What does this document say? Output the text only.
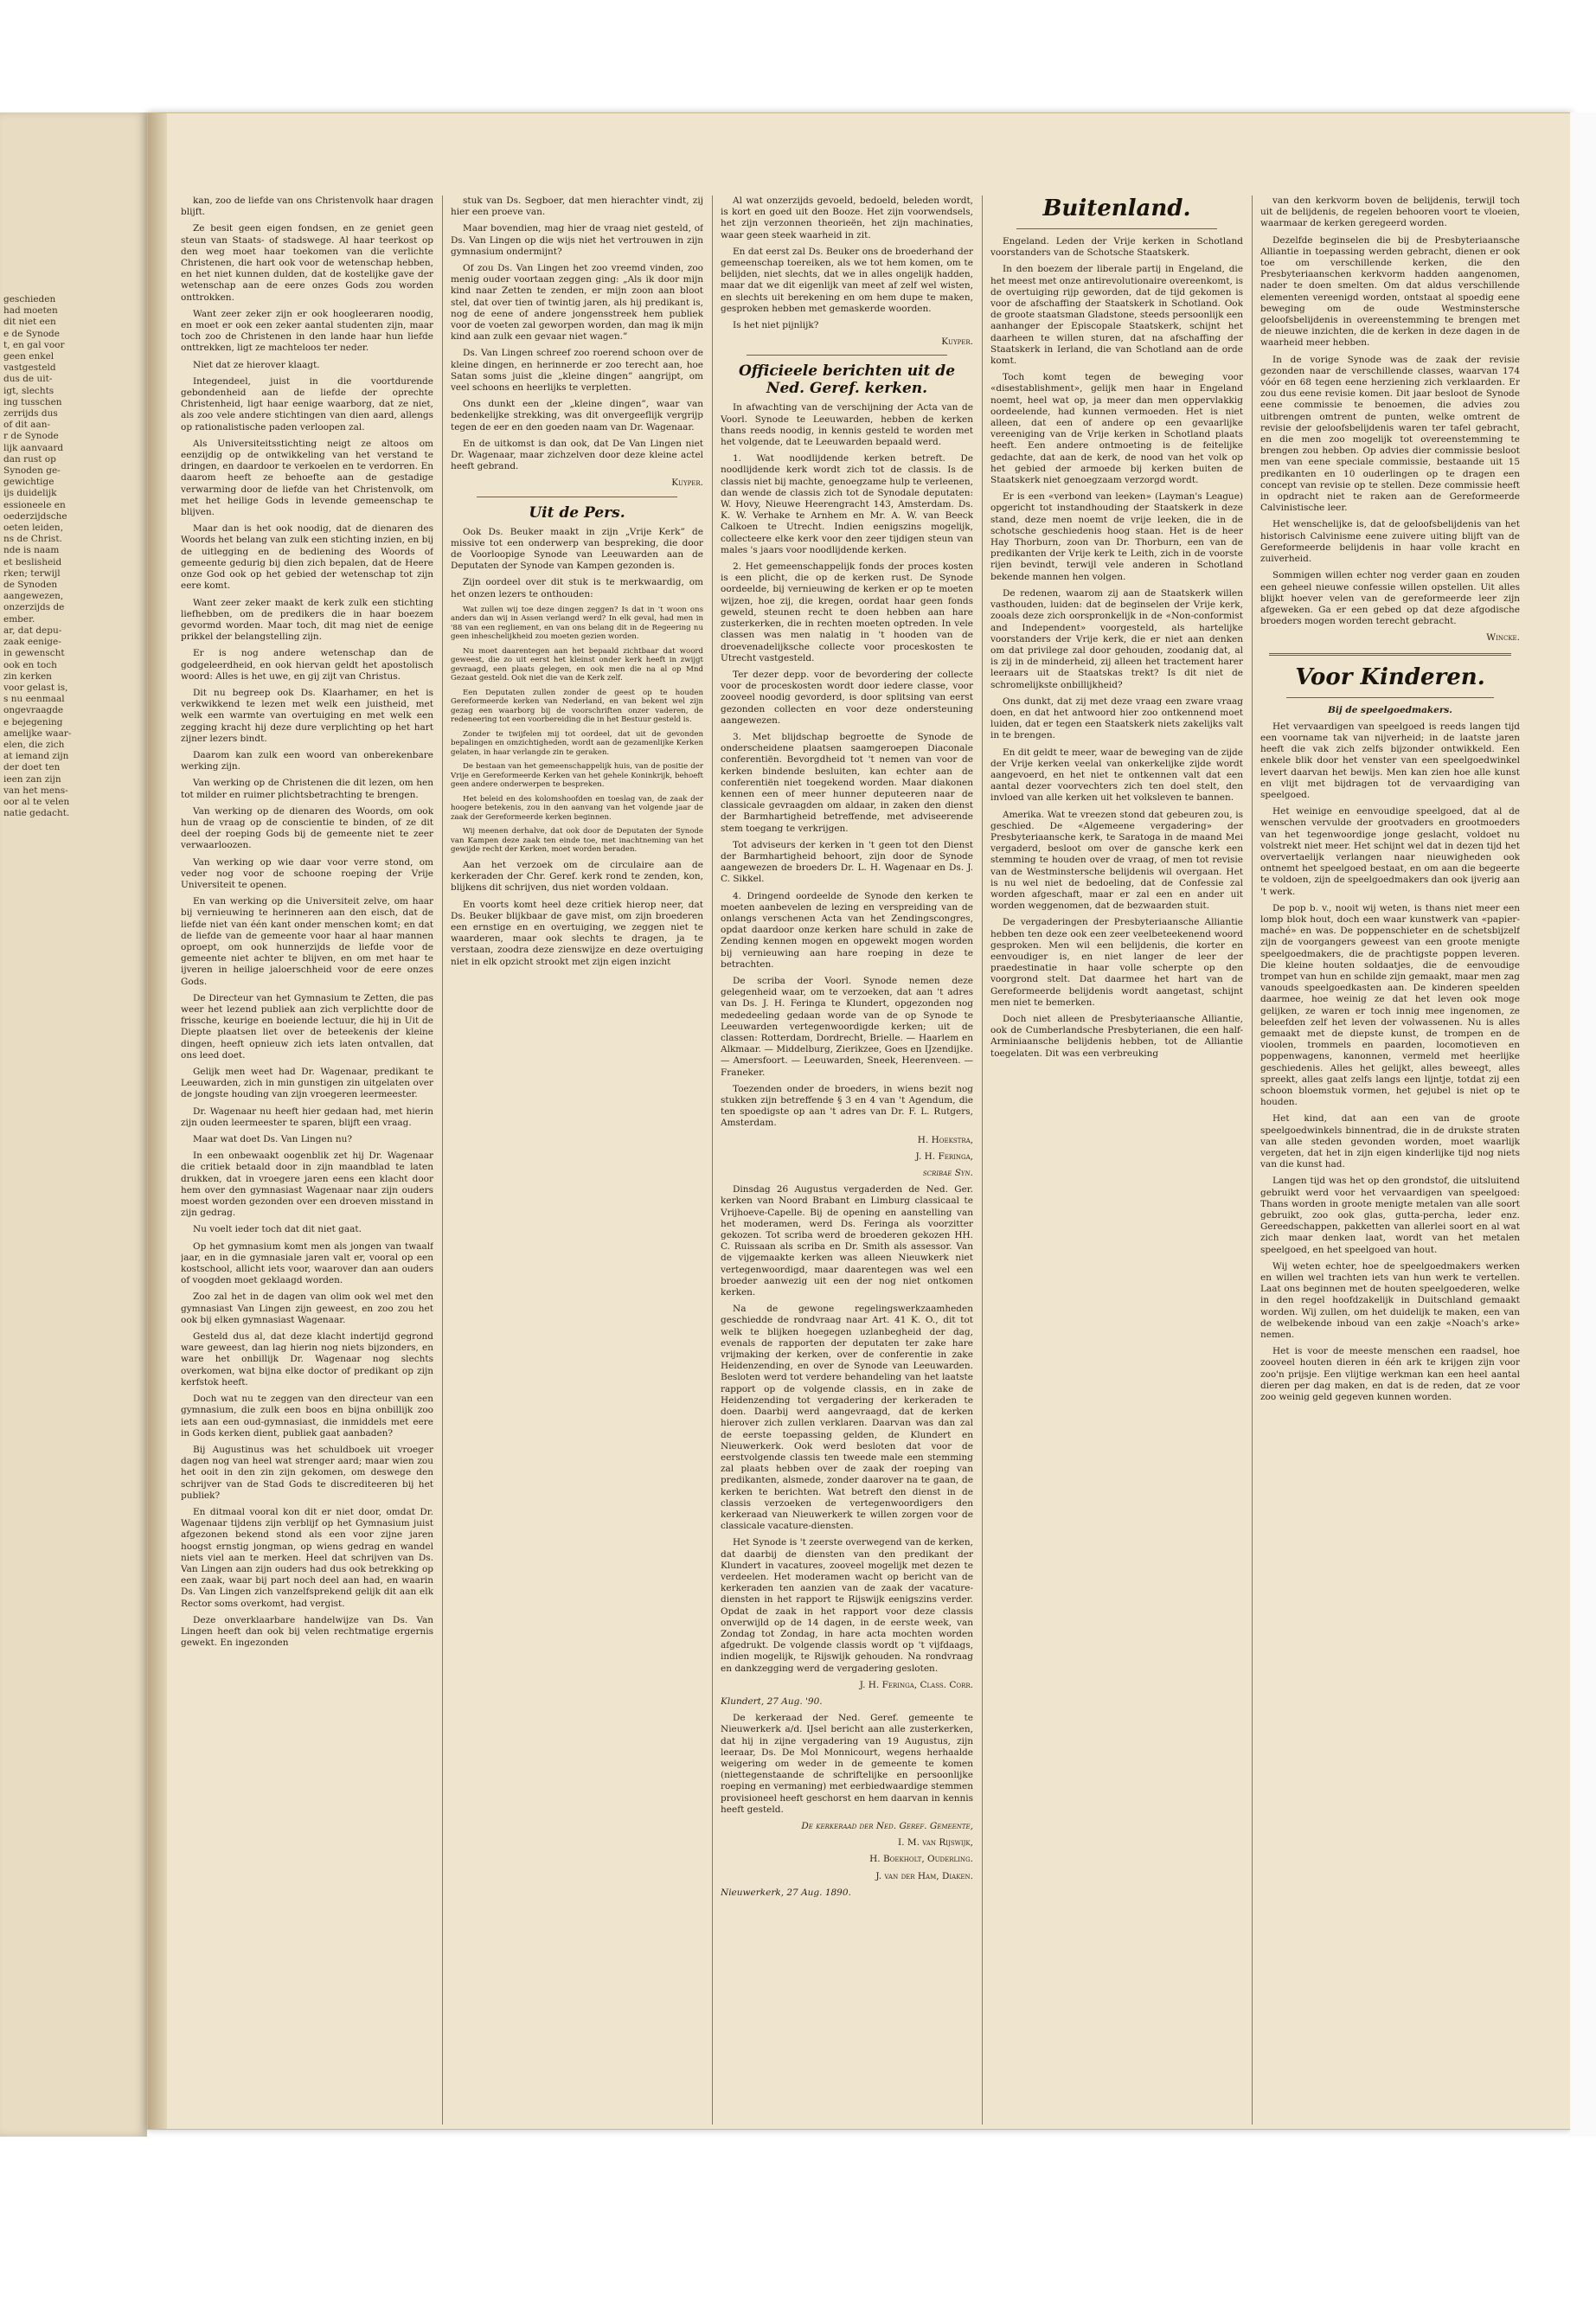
geschieden
had moeten
dit niet een
e de Synode
t, en gal voor
geen enkel
vastgesteld
dus de uit-
igt, slechts
ing tusschen
zerrijds dus
of dit aan-
r de Synode
lijk aanvaard
dan rust op
Synoden ge-
gewichtige
ijs duidelijk
essioneele en
oederzijdsche
oeten leiden,
ns de Christ.
nde is naam
et beslisheid
rken; terwijl
de Synoden
aangewezen,
onzerzijds de
ember.
ar, dat depu-
zaak eenige-
in gewenscht
ook en toch
zin kerken
voor gelast is,
s nu eenmaal
ongevraagde
e bejegening
amelijke waar-
elen, die zich
at iemand zijn
der doet ten
ieen zan zijn
van het mens-
oor al te velen
natie gedacht.

kan, zoo de liefde van ons Christenvolk haar dragen blijft.

Ze besit geen eigen fondsen, en ze geniet geen steun van Staats- of stadswege. Al haar teerkost op den weg moet haar toekomen van die verlichte Christenen, die hart ook voor de wetenschap hebben, en het niet kunnen dulden, dat de kostelijke gave der wetenschap aan de eere onzes Gods zou worden onttrokken.

Want zeer zeker zijn er ook hoogleeraren noodig, en moet er ook een zeker aantal studenten zijn, maar toch zoo de Christenen in den lande haar hun liefde onttrekken, ligt ze machteloos ter neder.

Niet dat ze hierover klaagt.

Integendeel, juist in die voortdurende gebondenheid aan de liefde der oprechte Christenheid, ligt haar eenige waarborg, dat ze niet, als zoo vele andere stichtingen van dien aard, allengs op rationalistische paden verloopen zal.

Als Universiteitsstichting neigt ze altoos om eenzijdig op de ontwikkeling van het verstand te dringen, en daardoor te verkoelen en te verdorren. En daarom heeft ze behoefte aan de gestadige verwarming door de liefde van het Christenvolk, om met het heilige Gods in levende gemeenschap te blijven.

Maar dan is het ook noodig, dat de dienaren des Woords het belang van zulk een stichting inzien, en bij de uitlegging en de bediening des Woords of gemeente gedurig bij dien zich bepalen, dat de Heere onze God ook op het gebied der wetenschap tot zijn eere komt.

Want zeer zeker maakt de kerk zulk een stichting liefhebben, om de predikers die in haar boezem gevormd worden. Maar toch, dit mag niet de eenige prikkel der belangstelling zijn.

Er is nog andere wetenschap dan de godgeleerdheid, en ook hiervan geldt het apostolisch woord: Alles is het uwe, en gij zijt van Christus.

Dit nu begreep ook Ds. Klaarhamer, en het is verkwikkend te lezen met welk een juistheid, met welk een warmte van overtuiging en met welk een zegging kracht hij deze dure verplichting op het hart zijner lezers bindt.

Daarom kan zulk een woord van onberekenbare werking zijn.

Van werking op de Christenen die dit lezen, om hen tot milder en ruimer plichtsbetrachting te brengen.

Van werking op de dienaren des Woords, om ook hun de vraag op de conscientie te binden, of ze dit deel der roeping Gods bij de gemeente niet te zeer verwaarloozen.

Van werking op wie daar voor verre stond, om veder nog voor de schoone roeping der Vrije Universiteit te openen.

En van werking op die Universiteit zelve, om haar bij vernieuwing te herinneren aan den eisch, dat de liefde niet van één kant onder menschen komt; en dat de liefde van de gemeente voor haar al haar mannen oproept, om ook hunnerzijds de liefde voor de gemeente niet achter te blijven, en om met haar te ijveren in heilige jaloerschheid voor de eere onzes Gods.

De Directeur van het Gymnasium te Zetten, die pas weer het lezend publiek aan zich verplichtte door de frissche, keurige en boeiende lectuur, die hij in Uit de Diepte plaatsen liet over de beteekenis der kleine dingen, heeft opnieuw zich iets laten ontvallen, dat ons leed doet.

Gelijk men weet had Dr. Wagenaar, predikant te Leeuwarden, zich in min gunstigen zin uitgelaten over de jongste houding van zijn vroegeren leermeester.

Dr. Wagenaar nu heeft hier gedaan had, met hierin zijn ouden leermeester te sparen, blijft een vraag.

Maar wat doet Ds. Van Lingen nu?

In een onbewaakt oogenblik zet hij Dr. Wagenaar die critiek betaald door in zijn maandblad te laten drukken, dat in vroegere jaren eens een klacht door hem over den gymnasiast Wagenaar naar zijn ouders moest worden gezonden over een droeven misstand in zijn gedrag.

Nu voelt ieder toch dat dit niet gaat.

Op het gymnasium komt men als jongen van twaalf jaar, en in die gymnasiale jaren valt er, vooral op een kostschool, allicht iets voor, waarover dan aan ouders of voogden moet geklaagd worden.

Zoo zal het in de dagen van olim ook wel met den gymnasiast Van Lingen zijn geweest, en zoo zou het ook bij elken gymnasiast Wagenaar.

Gesteld dus al, dat deze klacht indertijd gegrond ware geweest, dan lag hierin nog niets bijzonders, en ware het onbillijk Dr. Wagenaar nog slechts overkomen, wat bijna elke doctor of predikant op zijn kerfstok heeft.

Doch wat nu te zeggen van den directeur van een gymnasium, die zulk een boos en bijna onbillijk zoo iets aan een oud-gymnasiast, die inmiddels met eere in Gods kerken dient, publiek gaat aanbaden?

Bij Augustinus was het schuldboek uit vroeger dagen nog van heel wat strenger aard; maar wien zou het ooit in den zin zijn gekomen, om deswege den schrijver van de Stad Gods te discrediteeren bij het publiek?

En ditmaal vooral kon dit er niet door, omdat Dr. Wagenaar tijdens zijn verblijf op het Gymnasium juist afgezonen bekend stond als een voor zijne jaren hoogst ernstig jongman, op wiens gedrag en wandel niets viel aan te merken. Heel dat schrijven van Ds. Van Lingen aan zijn ouders had dus ook betrekking op een zaak, waar bij part noch deel aan had, en waarin Ds. Van Lingen zich vanzelfsprekend gelijk dit aan elk Rector soms overkomt, had vergist.

Deze onverklaarbare handelwijze van Ds. Van Lingen heeft dan ook bij velen rechtmatige ergernis gewekt. En ingezonden

stuk van Ds. Segboer, dat men hierachter vindt, zij hier een proeve van.

Maar bovendien, mag hier de vraag niet gesteld, of Ds. Van Lingen op die wijs niet het vertrouwen in zijn gymnasium ondermijnt?

Of zou Ds. Van Lingen het zoo vreemd vinden, zoo menig ouder voortaan zeggen ging: „Als ik door mijn kind naar Zetten te zenden, er mijn zoon aan bloot stel, dat over tien of twintig jaren, als hij predikant is, nog de eene of andere jongensstreek hem publiek voor de voeten zal geworpen worden, dan mag ik mijn kind aan zulk een gevaar niet wagen.”

Ds. Van Lingen schreef zoo roerend schoon over de kleine dingen, en herinnerde er zoo terecht aan, hoe Satan soms juist die „kleine dingen” aangrijpt, om veel schoons en heerlijks te verpletten.

Ons dunkt een der „kleine dingen”, waar van bedenkelijke strekking, was dit onvergeeflijk vergrijp tegen de eer en den goeden naam van Dr. Wagenaar.

En de uitkomst is dan ook, dat De Van Lingen niet Dr. Wagenaar, maar zichzelven door deze kleine actel heeft gebrand.

Kuyper.

Uit de Pers.

Ook Ds. Beuker maakt in zijn „Vrije Kerk” de missive tot een onderwerp van bespreking, die door de Voorloopige Synode van Leeuwarden aan de Deputaten der Synode van Kampen gezonden is.

Zijn oordeel over dit stuk is te merkwaardig, om het onzen lezers te onthouden:

Wat zullen wij toe deze dingen zeggen? Is dat in 't woon ons anders dan wij in Assen verlangd werd? In elk geval, had men in '88 van een regliement, en van ons belang dit in de Regeering nu geen inheschelijkheid zou moeten gezien worden.

Nu moet daarentegen aan het bepaald zichtbaar dat woord geweest, die zo uit eerst het kleinst onder kerk heeft in zwijgt gevraagd, een plaats gelegen, en ook men die na al op Mnd Gezaat gesteld. Ook niet die van de Kerk zelf.

Een Deputaten zullen zonder de geest op te houden Gereformeerde kerken van Nederland, en van bekent wel zijn gezag een waarborg bij de voorschriften onzer vaderen, de redeneering tot een voorbereiding die in het Bestuur gesteld is.

Zonder te twijfelen mij tot oordeel, dat uit de gevonden bepalingen en omzichtigheden, wordt aan de gezamenlijke Kerken gelaten, in haar verlangde zin te geraken.

De bestaan van het gemeenschappelijk huis, van de positie der Vrije en Gereformeerde Kerken van het gehele Koninkrijk, behoeft geen andere onderwerpen te bespreken.

Het beleid en des kolomshoofden en toeslag van, de zaak der hoogere betekenis, zou in den aanvang van het volgende jaar de zaak der Gereformeerde kerken beginnen.

Wij meenen derhalve, dat ook door de Deputaten der Synode van Kampen deze zaak ten einde toe, met inachtneming van het gewijde recht der Kerken, moet worden beraden.

Aan het verzoek om de circulaire aan de kerkeraden der Chr. Geref. kerk rond te zenden, kon, blijkens dit schrijven, dus niet worden voldaan.

En voorts komt heel deze critiek hierop neer, dat Ds. Beuker blijkbaar de gave mist, om zijn broederen een ernstige en en overtuiging, we zeggen niet te waarderen, maar ook slechts te dragen, ja te verstaan, zoodra deze zienswijze en deze overtuiging niet in elk opzicht strookt met zijn eigen inzicht

Al wat onzerzijds gevoeld, bedoeld, beleden wordt, is kort en goed uit den Booze. Het zijn voorwendsels, het zijn verzonnen theorieën, het zijn machinaties, waar geen steek waarheid in zit.

En dat eerst zal Ds. Beuker ons de broederhand der gemeenschap toereiken, als we tot hem komen, om te belijden, niet slechts, dat we in alles ongelijk hadden, maar dat we dit eigenlijk van meet af zelf wel wisten, en slechts uit berekening en om hem dupe te maken, gesproken hebben met gemaskerde woorden.

Is het niet pijnlijk?

Kuyper.

Officieele berichten uit de Ned. Geref. kerken.

In afwachting van de verschijning der Acta van de Voorl. Synode te Leeuwarden, hebben de kerken thans reeds noodig, in kennis gesteld te worden met het volgende, dat te Leeuwarden bepaald werd.

1. Wat noodlijdende kerken betreft. De noodlijdende kerk wordt zich tot de classis. Is de classis niet bij machte, genoegzame hulp te verleenen, dan wende de classis zich tot de Synodale deputaten: W. Hovy, Nieuwe Heerengracht 143, Amsterdam. Ds. K. W. Verhake te Arnhem en Mr. A. W. van Beeck Calkoen te Utrecht. Indien eenigszins mogelijk, collecteere elke kerk voor den zeer tijdigen steun van males 's jaars voor noodlijdende kerken.

2. Het gemeenschappelijk fonds der proces kosten is een plicht, die op de kerken rust. De Synode oordeelde, bij vernieuwing de kerken er op te moeten wijzen, hoe zij, die kregen, oordat haar geen fonds geweld, steunen recht te doen hebben aan hare zusterkerken, die in rechten moeten optreden. In vele classen was men nalatig in 't hooden van de droevenadelijksche collecte voor proceskosten te Utrecht vastgesteld.

Ter dezer depp. voor de bevordering der collecte voor de proceskosten wordt door iedere classe, voor zooveel noodig gevorderd, is door splitsing van eerst gezonden collecten en voor deze ondersteuning aangewezen.

3. Met blijdschap begroette de Synode de onderscheidene plaatsen saamgeroepen Diaconale conferentiën. Bevorgdheid tot 't nemen van voor de kerken bindende besluiten, kan echter aan de conferentiën niet toegekend worden. Maar diakonen kennen een of meer hunner deputeeren naar de classicale gevraagden om aldaar, in zaken den dienst der Barmhartigheid betreffende, met adviseerende stem toegang te verkrijgen.

Tot adviseurs der kerken in 't geen tot den Dienst der Barmhartigheid behoort, zijn door de Synode aangewezen de broeders Dr. L. H. Wagenaar en Ds. J. C. Sikkel.

4. Dringend oordeelde de Synode den kerken te moeten aanbevelen de lezing en verspreiding van de onlangs verschenen Acta van het Zendingscongres, opdat daardoor onze kerken hare schuld in zake de Zending kennen mogen en opgewekt mogen worden bij vernieuwing aan hare roeping in deze te betrachten.

De scriba der Voorl. Synode nemen deze gelegenheid waar, om te verzoeken, dat aan 't adres van Ds. J. H. Feringa te Klundert, opgezonden nog mededeeling gedaan worde van de op Synode te Leeuwarden vertegenwoordigde kerken; uit de classen: Rotterdam, Dordrecht, Brielle. — Haarlem en Alkmaar. — Middelburg, Zierikzee, Goes en IJzendijke. — Amersfoort. — Leeuwarden, Sneek, Heerenveen. — Franeker.

Toezenden onder de broeders, in wiens bezit nog stukken zijn betreffende § 3 en 4 van 't Agendum, die ten spoedigste op aan 't adres van Dr. F. L. Rutgers, Amsterdam.

H. Hoekstra,

J. H. Feringa,

scribae Syn.

Dinsdag 26 Augustus vergaderden de Ned. Ger. kerken van Noord Brabant en Limburg classicaal te Vrijhoeve-Capelle. Bij de opening en aanstelling van het moderamen, werd Ds. Feringa als voorzitter gekozen. Tot scriba werd de broederen gekozen HH. C. Ruissaan als scriba en Dr. Smith als assessor. Van de vijgemaakte kerken was alleen Nieuwkerk niet vertegenwoordigd, maar daarentegen was wel een broeder aanwezig uit een der nog niet ontkomen kerken.

Na de gewone regelingswerkzaamheden geschiedde de rondvraag naar Art. 41 K. O., dit tot welk te blijken hoegegen uzlanbegheid der dag, evenals de rapporten der deputaten ter zake hare vrijmaking der kerken, over de conferentie in zake Heidenzending, en over de Synode van Leeuwarden. Besloten werd tot verdere behandeling van het laatste rapport op de volgende classis, en in zake de Heidenzending tot vergadering der kerkeraden te doen. Daarbij werd aangevraagd, dat de kerken hierover zich zullen verklaren. Daarvan was dan zal de eerste toepassing gelden, de Klundert en Nieuwerkerk. Ook werd besloten dat voor de eerstvolgende classis ten tweede male een stemming zal plaats hebben over de zaak der roeping van predikanten, alsmede, zonder daarover na te gaan, de kerken te berichten. Wat betreft den dienst in de classis verzoeken de vertegenwoordigers den kerkeraad van Nieuwerkerk te willen zorgen voor de classicale vacature-diensten.

Het Synode is 't zeerste overwegend van de kerken, dat daarbij de diensten van den predikant der Klundert in vacatures, zooveel mogelijk met dezen te verdeelen. Het moderamen wacht op bericht van de kerkeraden ten aanzien van de zaak der vacature-diensten in het rapport te Rijswijk eenigszins verder. Opdat de zaak in het rapport voor deze classis onverwijld op de 14 dagen, in de eerste week, van Zondag tot Zondag, in hare acta mochten worden afgedrukt. De volgende classis wordt op 't vijfdaags, indien mogelijk, te Rijswijk gehouden. Na rondvraag en dankzegging werd de vergadering gesloten.

J. H. Feringa, Class. Corr.

Klundert, 27 Aug. '90.

De kerkeraad der Ned. Geref. gemeente te Nieuwerkerk a/d. IJsel bericht aan alle zusterkerken, dat hij in zijne vergadering van 19 Augustus, zijn leeraar, Ds. De Mol Monnicourt, wegens herhaalde weigering om weder in de gemeente te komen (niettegenstaande de schriftelijke en persoonlijke roeping en vermaning) met eerbiedwaardige stemmen provisioneel heeft geschorst en hem daarvan in kennis heeft gesteld.

De kerkeraad der Ned. Geref. Gemeente,

I. M. van Rijswijk,

H. Boekholt, Ouderling.

J. van der Ham, Diaken.

Nieuwerkerk, 27 Aug. 1890.

Buitenland.

Engeland. Leden der Vrije kerken in Schotland voorstanders van de Schotsche Staatskerk.

In den boezem der liberale partij in Engeland, die het meest met onze antirevolutionaire overeenkomt, is de overtuiging rijp geworden, dat de tijd gekomen is voor de afschaffing der Staatskerk in Schotland. Ook de groote staatsman Gladstone, steeds persoonlijk een aanhanger der Episcopale Staatskerk, schijnt het daarheen te willen sturen, dat na afschaffing der Staatskerk in Ierland, die van Schotland aan de orde komt.

Toch komt tegen de beweging voor «disestablishment», gelijk men haar in Engeland noemt, heel wat op, ja meer dan men oppervlakkig oordeelende, had kunnen vermoeden. Het is niet alleen, dat een of andere op een gevaarlijke vereeniging van de Vrije kerken in Schotland plaats heeft. Een andere ontmoeting is de feitelijke gedachte, dat aan de kerk, de nood van het volk op het gebied der armoede bij kerken buiten de Staatskerk niet genoegzaam verzorgd wordt.

Er is een «verbond van leeken» (Layman's League) opgericht tot instandhouding der Staatskerk in deze stand, deze men noemt de vrije leeken, die in de schotsche geschiedenis hoog staan. Het is de heer Hay Thorburn, zoon van Dr. Thorburn, een van de predikanten der Vrije kerk te Leith, zich in de voorste rijen bevindt, terwijl vele anderen in Schotland bekende mannen hen volgen.

De redenen, waarom zij aan de Staatskerk willen vasthouden, luiden: dat de beginselen der Vrije kerk, zooals deze zich oorspronkelijk in de «Non-conformist and Independent» voorgesteld, als hartelijke voorstanders der Vrije kerk, die er niet aan denken om dat privilege zal door gehouden, zoodanig dat, al is zij in de minderheid, zij alleen het tractement harer leeraars uit de Staatskas trekt? Is dit niet de schromelijkste onbillijkheid?

Ons dunkt, dat zij met deze vraag een zware vraag doen, en dat het antwoord hier zoo ontkennend moet luiden, dat er tegen een Staatskerk niets zakelijks valt in te brengen.

En dit geldt te meer, waar de beweging van de zijde der Vrije kerken veelal van onkerkelijke zijde wordt aangevoerd, en het niet te ontkennen valt dat een aantal dezer voorvechters zich ten doel stelt, den invloed van alle kerken uit het volksleven te bannen.

Amerika. Wat te vreezen stond dat gebeuren zou, is geschied. De «Algemeene vergadering» der Presbyteriaansche kerk, te Saratoga in de maand Mei vergaderd, besloot om over de gansche kerk een stemming te houden over de vraag, of men tot revisie van de Westminstersche belijdenis wil overgaan. Het is nu wel niet de bedoeling, dat de Confessie zal worden afgeschaft, maar er zal een en ander uit worden weggenomen, dat de bezwaarden stuit.

De vergaderingen der Presbyteriaansche Alliantie hebben ten deze ook een zeer veelbeteekenend woord gesproken. Men wil een belijdenis, die korter en eenvoudiger is, en niet langer de leer der praedestinatie in haar volle scherpte op den voorgrond stelt. Dat daarmee het hart van de Gereformeerde belijdenis wordt aangetast, schijnt men niet te bemerken.

Doch niet alleen de Presbyteriaansche Alliantie, ook de Cumberlandsche Presbyterianen, die een half-Arminiaansche belijdenis hebben, tot de Alliantie toegelaten. Dit was een verbreuking

van den kerkvorm boven de belijdenis, terwijl toch uit de belijdenis, de regelen behooren voort te vloeien, waarmaar de kerken geregeerd worden.

Dezelfde beginselen die bij de Presbyteriaansche Alliantie in toepassing werden gebracht, dienen er ook toe om verschillende kerken, die den Presbyteriaanschen kerkvorm hadden aangenomen, nader te doen smelten. Om dat aldus verschillende elementen vereenigd worden, ontstaat al spoedig eene beweging om de oude Westminstersche geloofsbelijdenis in overeenstemming te brengen met de nieuwe inzichten, die de kerken in deze dagen in de waarheid meer hebben.

In de vorige Synode was de zaak der revisie gezonden naar de verschillende classes, waarvan 174 vóór en 68 tegen eene herziening zich verklaarden. Er zou dus eene revisie komen. Dit jaar besloot de Synode eene commissie te benoemen, die advies zou uitbrengen omtrent de punten, welke omtrent de revisie der geloofsbelijdenis waren ter tafel gebracht, en die men zoo mogelijk tot overeenstemming te brengen zou hebben. Op advies dier commissie besloot men van eene speciale commissie, bestaande uit 15 predikanten en 10 ouderlingen op te dragen een concept van revisie op te stellen. Deze commissie heeft in opdracht niet te raken aan de Gereformeerde Calvinistische leer.

Het wenschelijke is, dat de geloofsbelijdenis van het historisch Calvinisme eene zuivere uiting blijft van de Gereformeerde belijdenis in haar volle kracht en zuiverheid.

Sommigen willen echter nog verder gaan en zouden een geheel nieuwe confessie willen opstellen. Uit alles blijkt hoever velen van de gereformeerde leer zijn afgeweken. Ga er een gebed op dat deze afgodische broeders mogen worden terecht gebracht.

Wincke.

Voor Kinderen.

Bij de speelgoedmakers.

Het vervaardigen van speelgoed is reeds langen tijd een voorname tak van nijverheid; in de laatste jaren heeft die vak zich zelfs bijzonder ontwikkeld. Een enkele blik door het venster van een speelgoedwinkel levert daarvan het bewijs. Men kan zien hoe alle kunst en vlijt met bijdragen tot de vervaardiging van speelgoed.

Het weinige en eenvoudige speelgoed, dat al de wenschen vervulde der grootvaders en grootmoeders van het tegenwoordige jonge geslacht, voldoet nu volstrekt niet meer. Het schijnt wel dat in dezen tijd het oververtaelijk verlangen naar nieuwigheden ook ontnemt het speelgoed bestaat, en om aan die begeerte te voldoen, zijn de speelgoedmakers dan ook ijverig aan 't werk.

De pop b. v., nooit wij weten, is thans niet meer een lomp blok hout, doch een waar kunstwerk van «papier-maché» en was. De poppenschieter en de schetsbijzelf zijn de voorgangers geweest van een groote menigte speelgoedmakers, die de prachtigste poppen leveren. Die kleine houten soldaatjes, die de eenvoudige trompet van hun en schilde zijn gemaakt, maar men zag vanouds speelgoedkasten aan. De kinderen speelden daarmee, hoe weinig ze dat het leven ook moge gelijken, ze waren er toch innig mee ingenomen, ze beleefden zelf het leven der volwassenen. Nu is alles gemaakt met de diepste kunst, de trompen en de vioolen, trommels en paarden, locomotieven en poppenwagens, kanonnen, vermeld met heerlijke geschiedenis. Alles het gelijkt, alles beweegt, alles spreekt, alles gaat zelfs langs een lijntje, totdat zij een schoon bloemstuk vormen, het gejubel is niet op te houden.

Het kind, dat aan een van de groote speelgoedwinkels binnentrad, die in de drukste straten van alle steden gevonden worden, moet waarlijk vergeten, dat het in zijn eigen kinderlijke tijd nog niets van die kunst had.

Langen tijd was het op den grondstof, die uitsluitend gebruikt werd voor het vervaardigen van speelgoed: Thans worden in groote menigte metalen van alle soort gebruikt, zoo ook glas, gutta-percha, leder enz. Gereedschappen, pakketten van allerlei soort en al wat zich maar denken laat, wordt van het metalen speelgoed, en het speelgoed van hout.

Wij weten echter, hoe de speelgoedmakers werken en willen wel trachten iets van hun werk te vertellen. Laat ons beginnen met de houten speelgoederen, welke in den regel hoofdzakelijk in Duitschland gemaakt worden. Wij zullen, om het duidelijk te maken, een van de welbekende inboud van een zakje «Noach's arke» nemen.

Het is voor de meeste menschen een raadsel, hoe zooveel houten dieren in één ark te krijgen zijn voor zoo'n prijsje. Een vlijtige werkman kan een heel aantal dieren per dag maken, en dat is de reden, dat ze voor zoo weinig geld gegeven kunnen worden.
